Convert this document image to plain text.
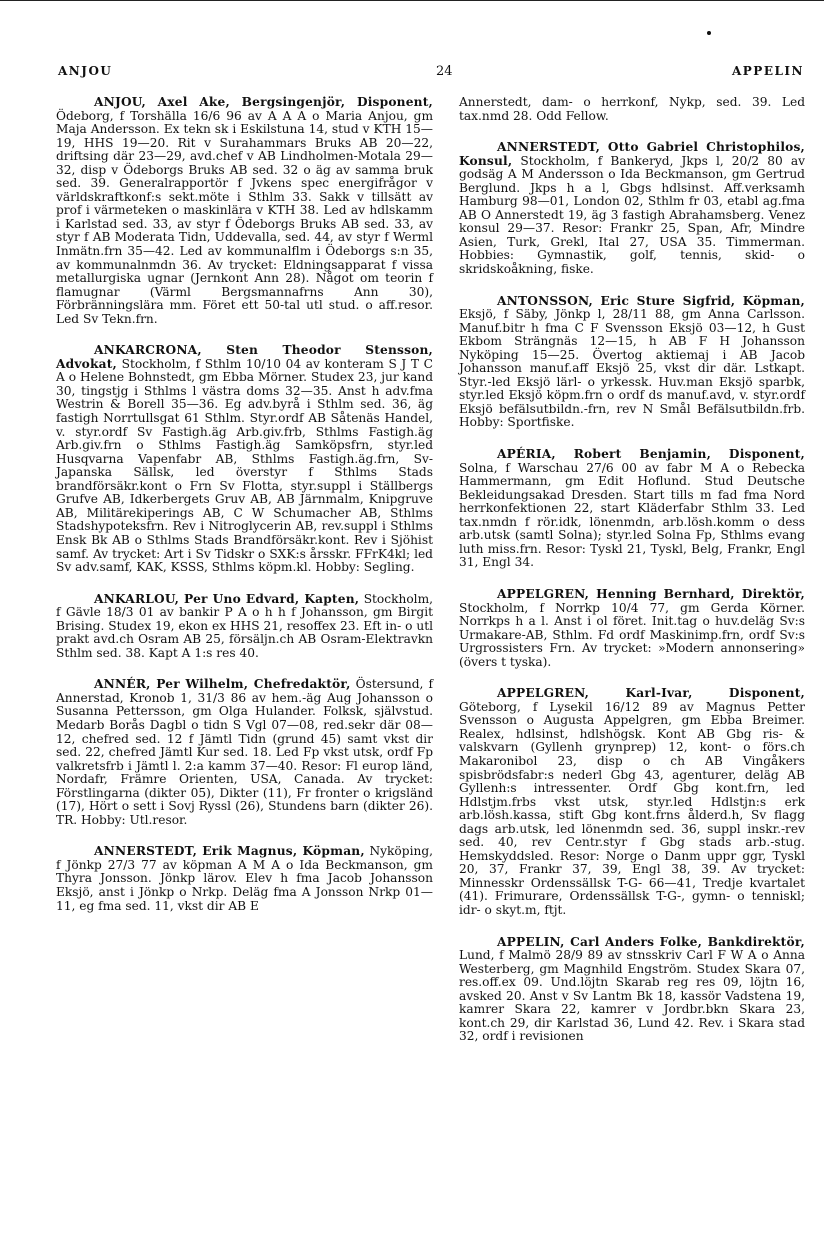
ANJOU	24	APPELIN

ANJOU, Axel Ake, Bergsingenjör, Disponent, Ödeborg, f Torshälla 16/6 96 av A A A o Maria Anjou, gm Maja Andersson. Ex tekn sk i Eskilstuna 14, stud v KTH 15—19, HHS 19—20. Rit v Surahammars Bruks AB 20—22, driftsing där 23—29, avd.chef v AB Lindholmen-Motala 29—32, disp v Ödeborgs Bruks AB sed. 32 o äg av samma bruk sed. 39. Generalrapportör f Jvkens spec energifrågor v världskraftkonf:s sekt.möte i Sthlm 33. Sakk v tillsätt av prof i värmeteken o maskinlära v KTH 38. Led av hdlskamm i Karlstad sed. 33, av styr f Ödeborgs Bruks AB sed. 33, av styr f AB Moderata Tidn, Uddevalla, sed. 44, av styr f Werml Inmätn.frn 35—42. Led av kommunalflm i Ödeborgs s:n 35, av kommunalnmdn 36. Av trycket: Eldningsapparat f vissa metallurgiska ugnar (Jernkont Ann 28). Något om teorin f flamugnar (Värml Bergsmannafrns Ann 30), Förbränningslära mm. Föret ett 50-tal utl stud. o aff.resor. Led Sv Tekn.frn.

ANKARCRONA, Sten Theodor Stensson, Advokat, Stockholm, f Sthlm 10/10 04 av konteram S J T C A o Helene Bohnstedt, gm Ebba Mörner. Studex 23, jur kand 30, tingstjg i Sthlms l västra doms 32—35. Anst h adv.fma Westrin & Borell 35—36. Eg adv.byrå i Sthlm sed. 36, äg fastigh Norrtullsgat 61 Sthlm. Styr.ordf AB Såtenäs Handel, v. styr.ordf Sv Fastigh.äg Arb.giv.frb, Sthlms Fastigh.äg Arb.giv.frn o Sthlms Fastigh.äg Samköpsfrn, styr.led Husqvarna Vapenfabr AB, Sthlms Fastigh.äg.frn, Sv-Japanska Sällsk, led överstyr f Sthlms Stads brandförsäkr.kont o Frn Sv Flotta, styr.suppl i Ställbergs Grufve AB, Idkerbergets Gruv AB, AB Järnmalm, Knipgruve AB, Militärekiperings AB, C W Schumacher AB, Sthlms Stadshypoteksfrn. Rev i Nitroglycerin AB, rev.suppl i Sthlms Ensk Bk AB o Sthlms Stads Brandförsäkr.kont. Rev i Sjöhist samf. Av trycket: Art i Sv Tidskr o SXK:s årsskr. FFrK4kl; led Sv adv.samf, KAK, KSSS, Sthlms köpm.kl. Hobby: Segling.

ANKARLOU, Per Uno Edvard, Kapten, Stockholm, f Gävle 18/3 01 av bankir P A o h h f Johansson, gm Birgit Brising. Studex 19, ekon ex HHS 21, resoffex 23. Eft in- o utl prakt avd.ch Osram AB 25, försäljn.ch AB Osram-Elektravkn Sthlm sed. 38. Kapt A 1:s res 40.

ANNÉR, Per Wilhelm, Chefredaktör, Östersund, f Annerstad, Kronob 1, 31/3 86 av hem.-äg Aug Johansson o Susanna Pettersson, gm Olga Hulander. Folksk, självstud. Medarb Borås Dagbl o tidn S Vgl 07—08, red.sekr där 08—12, chefred sed. 12 f Jämtl Tidn (grund 45) samt vkst dir sed. 22, chefred Jämtl Kur sed. 18. Led Fp vkst utsk, ordf Fp valkretsfrb i Jämtl l. 2:a kamm 37—40. Resor: Fl europ länd, Nordafr, Främre Orienten, USA, Canada. Av trycket: Förstlingarna (dikter 05), Dikter (11), Fr fronter o krigsländ (17), Hört o sett i Sovj Ryssl (26), Stundens barn (dikter 26). TR. Hobby: Utl.resor.

ANNERSTEDT, Erik Magnus, Köpman, Nyköping, f Jönkp 27/3 77 av köpman A M A o Ida Beckmanson, gm Thyra Jonsson. Jönkp lärov. Elev h fma Jacob Johansson Eksjö, anst i Jönkp o Nrkp. Deläg fma A Jonsson Nrkp 01—11, eg fma sed. 11, vkst dir AB E

Annerstedt, dam- o herrkonf, Nykp, sed. 39. Led tax.nmd 28. Odd Fellow.

ANNERSTEDT, Otto Gabriel Christophilos, Konsul, Stockholm, f Bankeryd, Jkps l, 20/2 80 av godsäg A M Andersson o Ida Beckmanson, gm Gertrud Berglund. Jkps h a l, Gbgs hdlsinst. Aff.verksamh Hamburg 98—01, London 02, Sthlm fr 03, etabl ag.fma AB O Annerstedt 19, äg 3 fastigh Abrahamsberg. Venez konsul 29—37. Resor: Frankr 25, Span, Afr, Mindre Asien, Turk, Grekl, Ital 27, USA 35. Timmerman. Hobbies: Gymnastik, golf, tennis, skid- o skridskoåkning, fiske.

ANTONSSON, Eric Sture Sigfrid, Köpman, Eksjö, f Säby, Jönkp l, 28/11 88, gm Anna Carlsson. Manuf.bitr h fma C F Svensson Eksjö 03—12, h Gust Ekbom Strängnäs 12—15, h AB F H Johansson Nyköping 15—25. Övertog aktiemaj i AB Jacob Johansson manuf.aff Eksjö 25, vkst dir där. Lstkapt. Styr.-led Eksjö lärl- o yrkessk. Huv.man Eksjö sparbk, styr.led Eksjö köpm.frn o ordf ds manuf.avd, v. styr.ordf Eksjö befälsutbildn.-frn, rev N Smål Befälsutbildn.frb. Hobby: Sportfiske.

APÉRIA, Robert Benjamin, Disponent, Solna, f Warschau 27/6 00 av fabr M A o Rebecka Hammermann, gm Edit Hoflund. Stud Deutsche Bekleidungsakad Dresden. Start tills m fad fma Nord herrkonfektionen 22, start Kläderfabr Sthlm 33. Led tax.nmdn f rör.idk, lönenmdn, arb.lösh.komm o dess arb.utsk (samtl Solna); styr.led Solna Fp, Sthlms evang luth miss.frn. Resor: Tyskl 21, Tyskl, Belg, Frankr, Engl 31, Engl 34.

APPELGREN, Henning Bernhard, Direktör, Stockholm, f Norrkp 10/4 77, gm Gerda Körner. Norrkps h a l. Anst i ol föret. Init.tag o huv.deläg Sv:s Urmakare-AB, Sthlm. Fd ordf Maskinimp.frn, ordf Sv:s Urgrossisters Frn. Av trycket: »Modern annonsering» (övers t tyska).

APPELGREN, Karl-Ivar, Disponent, Göteborg, f Lysekil 16/12 89 av Magnus Petter Svensson o Augusta Appelgren, gm Ebba Breimer. Realex, hdlsinst, hdlshögsk. Kont AB Gbg ris- & valskvarn (Gyllenh grynprep) 12, kont- o förs.ch Makaronibol 23, disp o ch AB Vingåkers spisbrödsfabr:s nederl Gbg 43, agenturer, deläg AB Gyllenh:s intressenter. Ordf Gbg kont.frn, led Hdlstjm.frbs vkst utsk, styr.led Hdlstjn:s erk arb.lösh.kassa, stift Gbg kont.frns ålderd.h, Sv flagg dags arb.utsk, led lönenmdn sed. 36, suppl inskr.-rev sed. 40, rev Centr.styr f Gbg stads arb.-stug. Hemskyddsled. Resor: Norge o Danm uppr ggr, Tyskl 20, 37, Frankr 37, 39, Engl 38, 39. Av trycket: Minnesskr Ordenssällsk T-G- 66—41, Tredje kvartalet (41). Frimurare, Ordenssällsk T-G-, gymn- o tenniskl; idr- o skyt.m, ftjt.

APPELIN, Carl Anders Folke, Bankdirektör, Lund, f Malmö 28/9 89 av stnsskriv Carl F W A o Anna Westerberg, gm Magnhild Engström. Studex Skara 07, res.off.ex 09. Und.löjtn Skarab reg res 09, löjtn 16, avsked 20. Anst v Sv Lantm Bk 18, kassör Vadstena 19, kamrer Skara 22, kamrer v Jordbr.bkn Skara 23, kont.ch 29, dir Karlstad 36, Lund 42. Rev. i Skara stad 32, ordf i revisionen
